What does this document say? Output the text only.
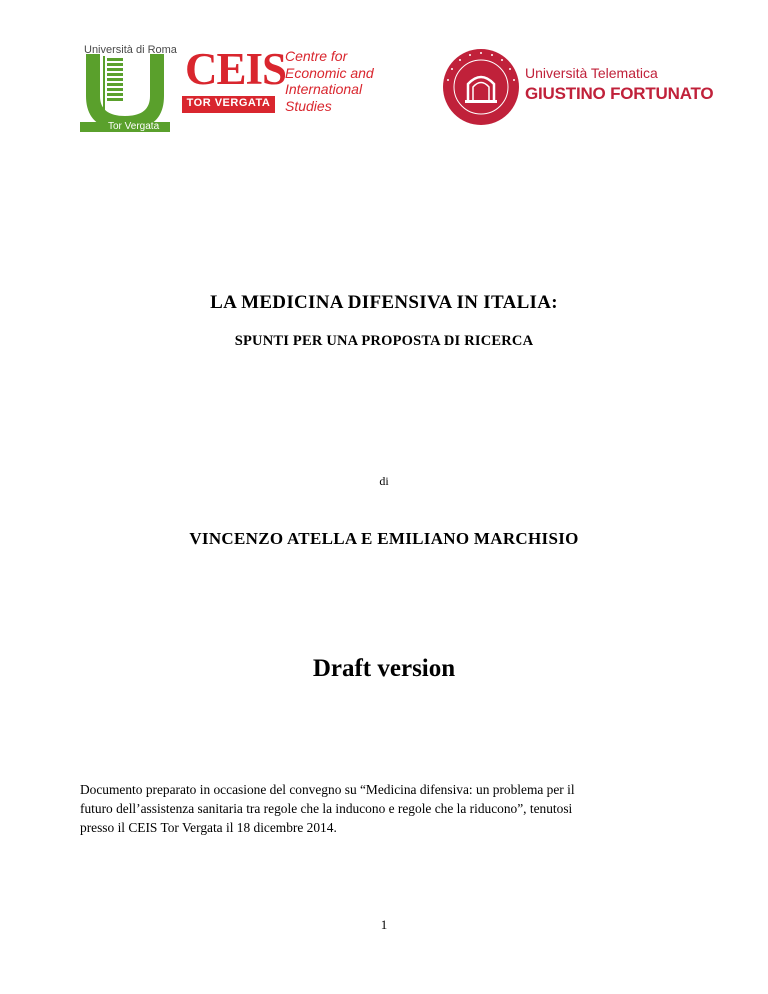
Università di Roma
Tor Vergata
CEIS
TOR VERGATA
Centre for
Economic and
International
Studies
Università Telematica
GIUSTINO FORTUNATO
LA MEDICINA DIFENSIVA IN ITALIA:
SPUNTI PER UNA PROPOSTA DI RICERCA
di
VINCENZO ATELLA E EMILIANO MARCHISIO
Draft version
Documento preparato in occasione del convegno su “Medicina difensiva: un problema per il
futuro dell’assistenza sanitaria tra regole che la inducono e regole che la riducono”, tenutosi
presso il CEIS Tor Vergata il 18 dicembre 2014.
1
